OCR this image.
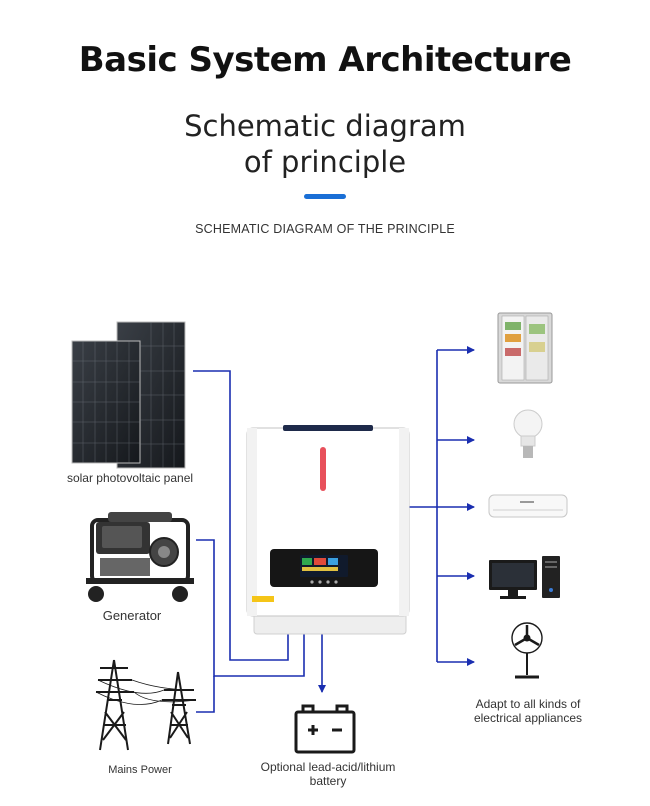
Basic System Architecture
Schematic diagram
of principle
SCHEMATIC DIAGRAM OF THE PRINCIPLE
solar photovoltaic panel
Generator
Mains Power	Optional lead-acid/lithium
battery
Adapt to all kinds of
electrical appliances
